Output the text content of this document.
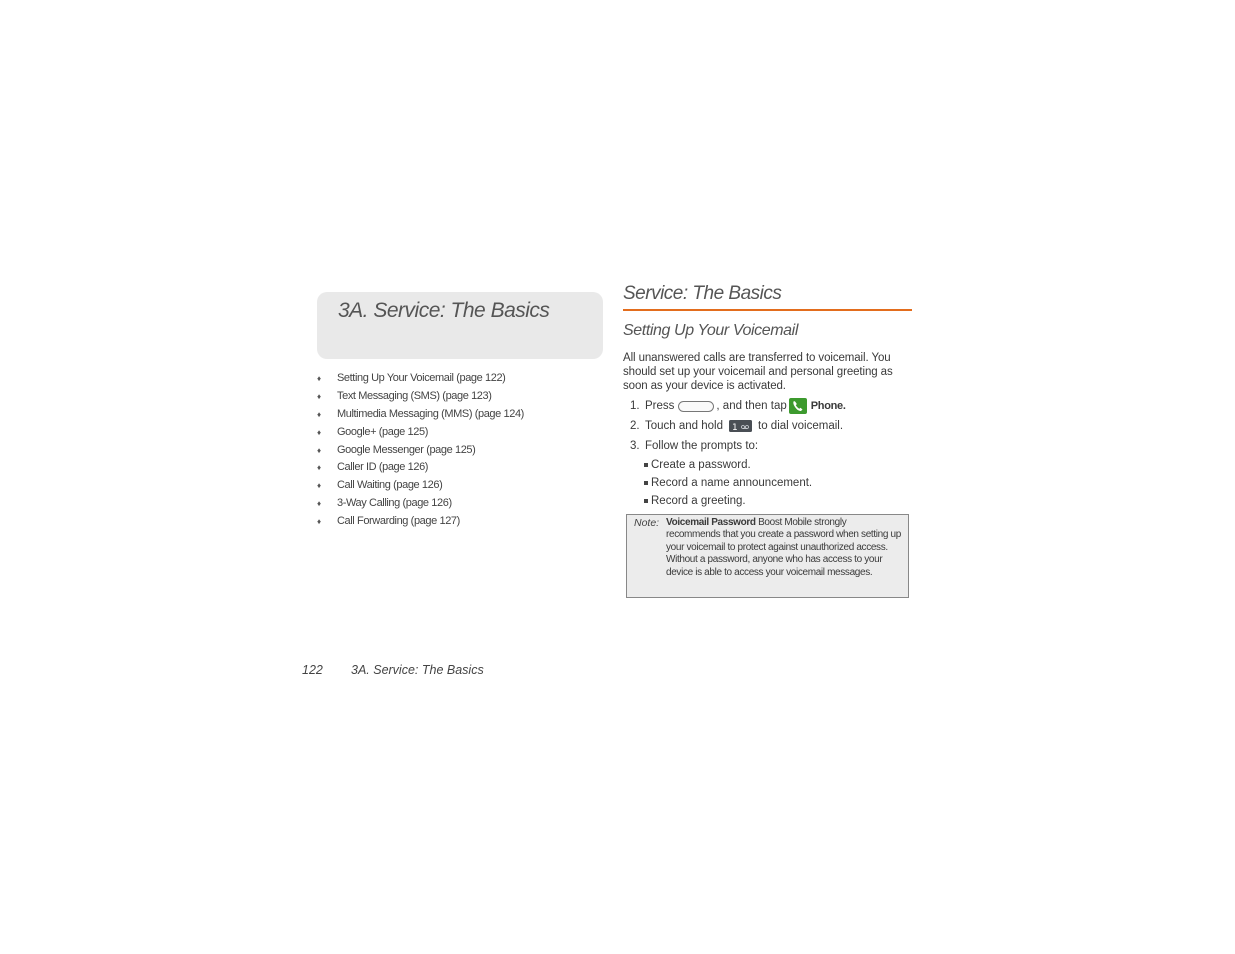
3A. Service: The Basics
♦ Setting Up Your Voicemail (page 122)
♦ Text Messaging (SMS) (page 123)
♦ Multimedia Messaging (MMS) (page 124)
♦ Google+ (page 125)
♦ Google Messenger (page 125)
♦ Caller ID (page 126)
♦ Call Waiting (page 126)
♦ 3-Way Calling (page 126)
♦ Call Forwarding (page 127)
Service: The Basics
Setting Up Your Voicemail

All unanswered calls are transferred to voicemail. You should set up your voicemail and personal greeting as soon as your device is activated.

1. Press	, and then tap Phone.
2. Touch and hold 1 to dial voicemail.
3. Follow the prompts to:
Create a password.
Record a name announcement.
Record a greeting.
Note: Voicemail Password Boost Mobile strongly recommends that you create a password when setting up your voicemail to protect against unauthorized access. Without a password, anyone who has access to your device is able to access your voicemail messages.

122 3A. Service: The Basics
